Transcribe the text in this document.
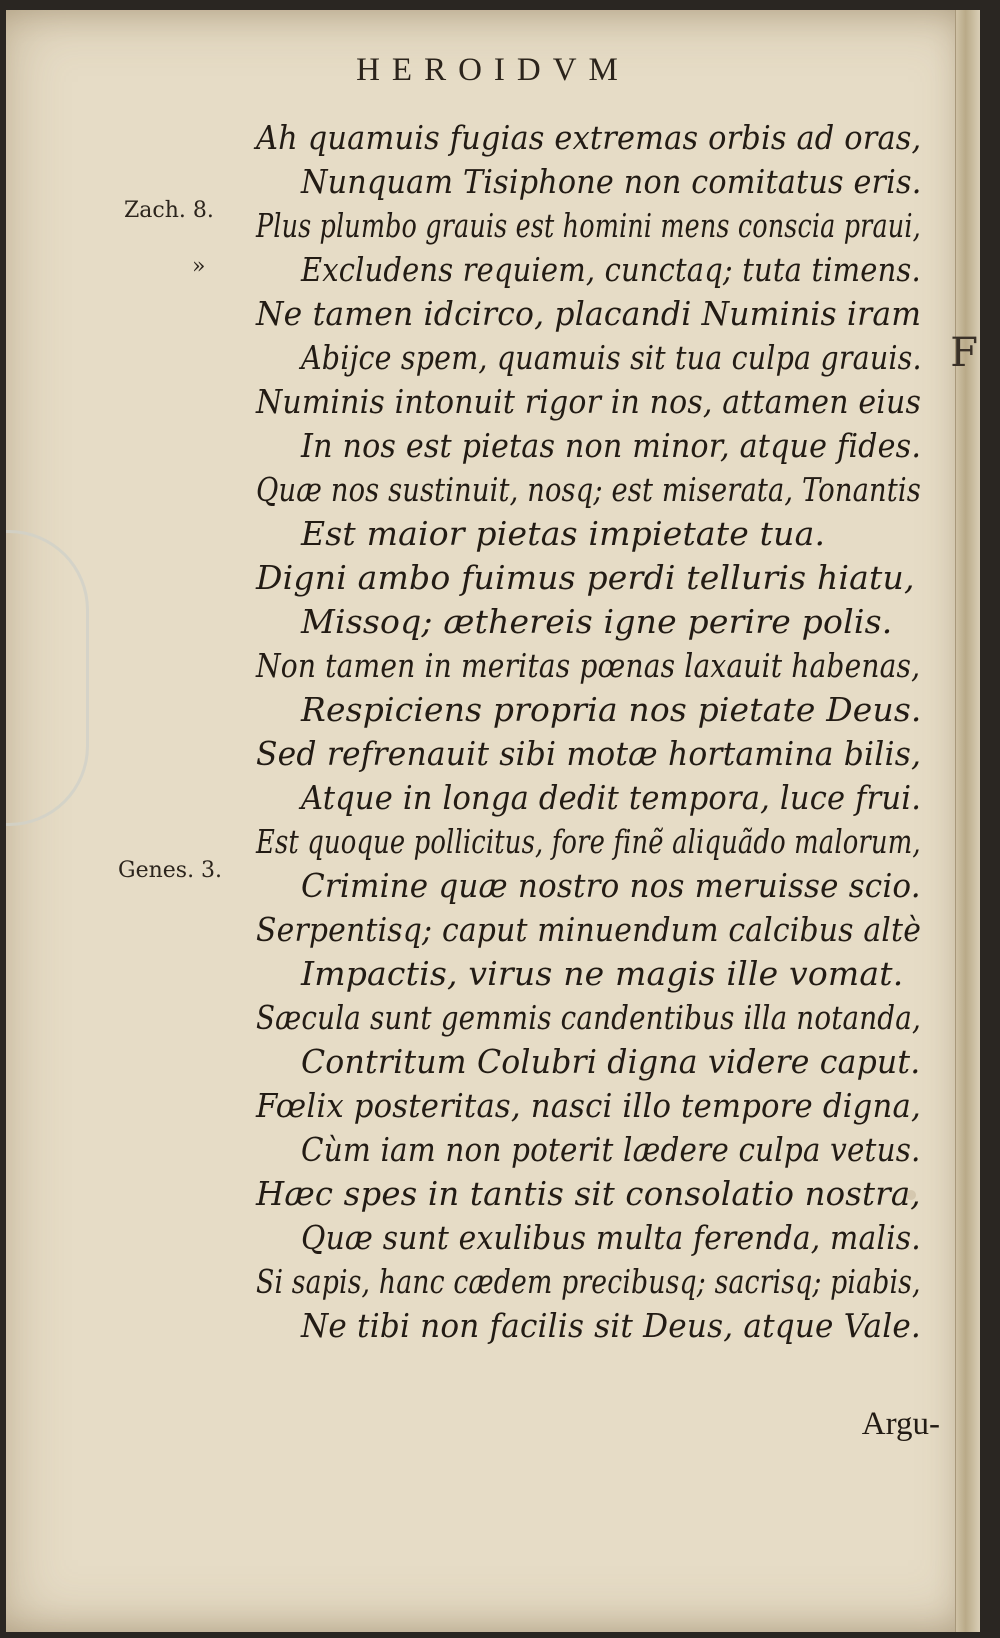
HEROIDVM
Zach. 8.
»
Genes. 3.
Ah quamuis fugias extremas orbis ad oras,
Nunquam Tisiphone non comitatus eris.
Plus plumbo grauis est homini mens conscia praui,
Excludens requiem, cunctaq; tuta timens.
Ne tamen idcirco, placandi Numinis iram
Abijce spem, quamuis sit tua culpa grauis.
Numinis intonuit rigor in nos, attamen eius
In nos est pietas non minor, atque fides.
Quæ nos sustinuit, nosq; est miserata, Tonantis
Est maior pietas impietate tua.
Digni ambo fuimus perdi telluris hiatu,
Missoq; æthereis igne perire polis.
Non tamen in meritas pœnas laxauit habenas,
Respiciens propria nos pietate Deus.
Sed refrenauit sibi motæ hortamina bilis,
Atque in longa dedit tempora, luce frui.
Est quoque pollicitus, fore finẽ aliquãdo malorum,
Crimine quæ nostro nos meruisse scio.
Serpentisq; caput minuendum calcibus altè
Impactis, virus ne magis ille vomat.
Sæcula sunt gemmis candentibus illa notanda,
Contritum Colubri digna videre caput.
Fœlix posteritas, nasci illo tempore digna,
Cùm iam non poterit lædere culpa vetus.
Hæc spes in tantis sit consolatio nostra,
Quæ sunt exulibus multa ferenda, malis.
Si sapis, hanc cædem precibusq; sacrisq; piabis,
Ne tibi non facilis sit Deus, atque Vale.
Argu-
F
